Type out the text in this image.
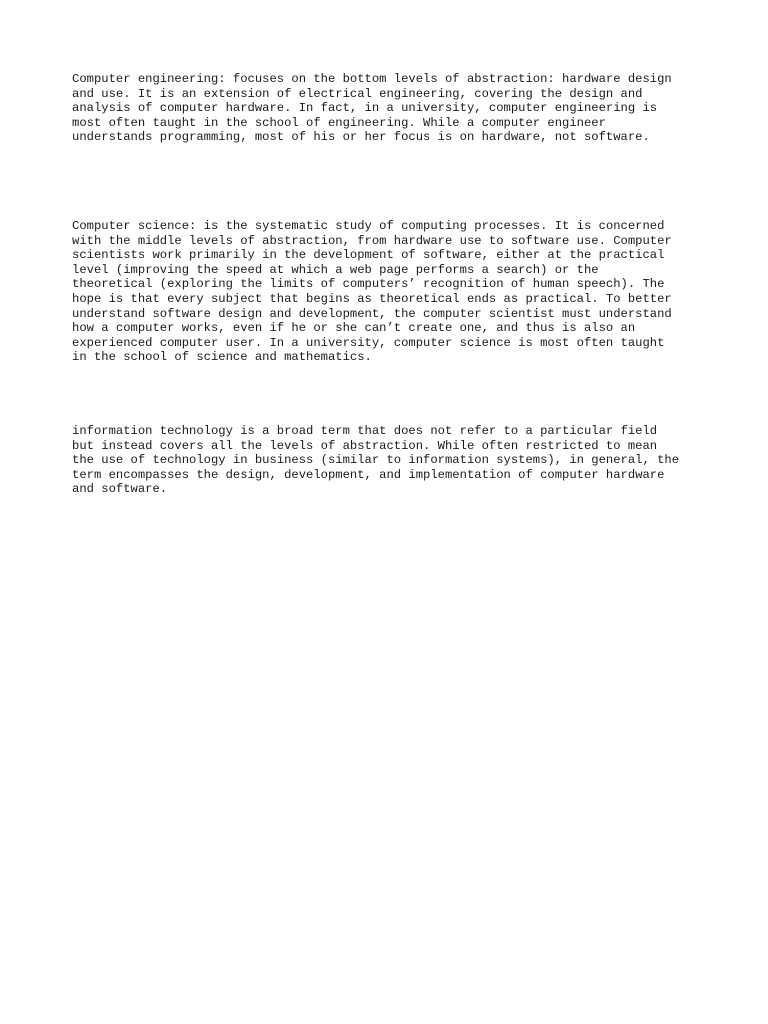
Computer engineering: focuses on the bottom levels of abstraction: hardware design
and use. It is an extension of electrical engineering, covering the design and
analysis of computer hardware. In fact, in a university, computer engineering is
most often taught in the school of engineering. While a computer engineer
understands programming, most of his or her focus is on hardware, not software.

Computer science: is the systematic study of computing processes. It is concerned
with the middle levels of abstraction, from hardware use to software use. Computer
scientists work primarily in the development of software, either at the practical
level (improving the speed at which a web page performs a search) or the
theoretical (exploring the limits of computers’ recognition of human speech). The
hope is that every subject that begins as theoretical ends as practical. To better
understand software design and development, the computer scientist must understand
how a computer works, even if he or she can’t create one, and thus is also an
experienced computer user. In a university, computer science is most often taught
in the school of science and mathematics.

information technology is a broad term that does not refer to a particular field
but instead covers all the levels of abstraction. While often restricted to mean
the use of technology in business (similar to information systems), in general, the
term encompasses the design, development, and implementation of computer hardware
and software.
